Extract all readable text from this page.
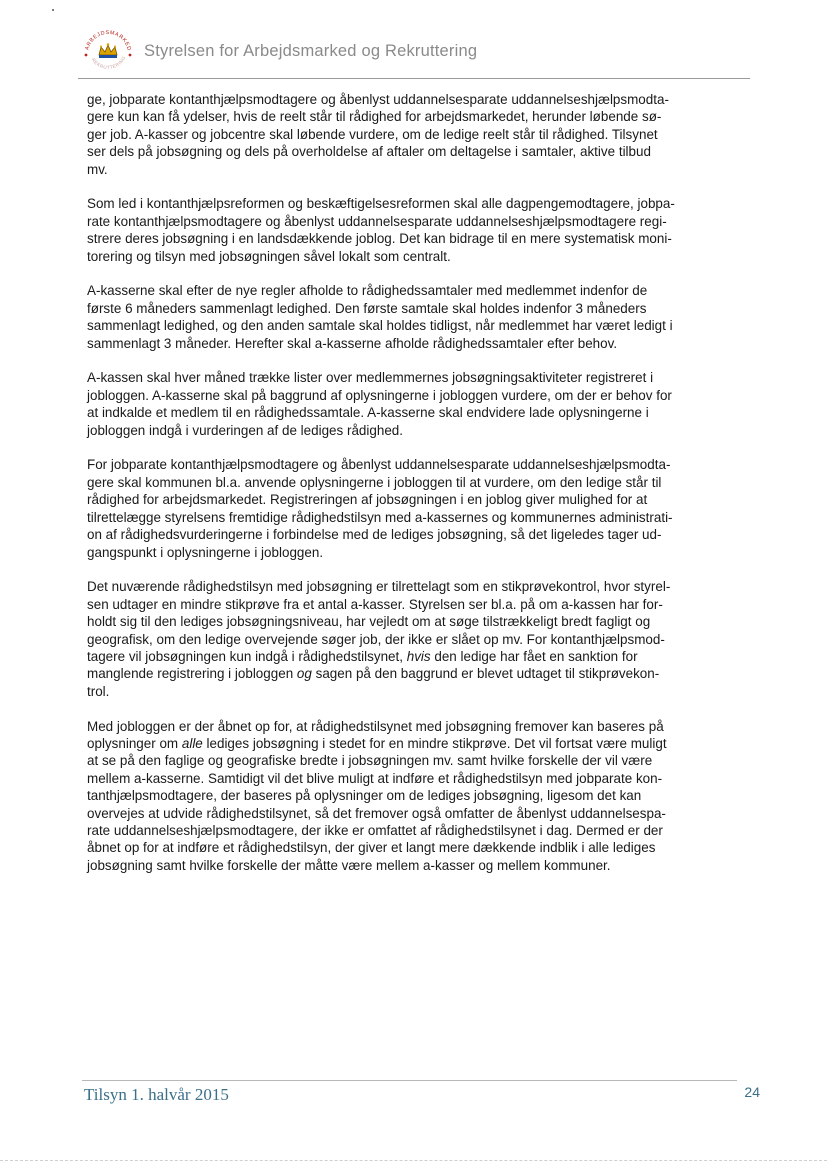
ARBEJDSMARKED
REKRUTTERING Styrelsen for Arbejdsmarked og Rekruttering

ge, jobparate kontanthjælpsmodtagere og åbenlyst uddannelsesparate uddannelseshjælpsmodta-
gere kun kan få ydelser, hvis de reelt står til rådighed for arbejdsmarkedet, herunder løbende sø-
ger job. A-kasser og jobcentre skal løbende vurdere, om de ledige reelt står til rådighed. Tilsynet
ser dels på jobsøgning og dels på overholdelse af aftaler om deltagelse i samtaler, aktive tilbud
mv.

Som led i kontanthjælpsreformen og beskæftigelsesreformen skal alle dagpengemodtagere, jobpa-
rate kontanthjælpsmodtagere og åbenlyst uddannelsesparate uddannelseshjælpsmodtagere regi-
strere deres jobsøgning i en landsdækkende joblog. Det kan bidrage til en mere systematisk moni-
torering og tilsyn med jobsøgningen såvel lokalt som centralt.

A-kasserne skal efter de nye regler afholde to rådighedssamtaler med medlemmet indenfor de
første 6 måneders sammenlagt ledighed. Den første samtale skal holdes indenfor 3 måneders
sammenlagt ledighed, og den anden samtale skal holdes tidligst, når medlemmet har været ledigt i
sammenlagt 3 måneder. Herefter skal a-kasserne afholde rådighedssamtaler efter behov.

A-kassen skal hver måned trække lister over medlemmernes jobsøgningsaktiviteter registreret i
jobloggen. A-kasserne skal på baggrund af oplysningerne i jobloggen vurdere, om der er behov for
at indkalde et medlem til en rådighedssamtale. A-kasserne skal endvidere lade oplysningerne i
jobloggen indgå i vurderingen af de lediges rådighed.

For jobparate kontanthjælpsmodtagere og åbenlyst uddannelsesparate uddannelseshjælpsmodta-
gere skal kommunen bl.a. anvende oplysningerne i jobloggen til at vurdere, om den ledige står til
rådighed for arbejdsmarkedet. Registreringen af jobsøgningen i en joblog giver mulighed for at
tilrettelægge styrelsens fremtidige rådighedstilsyn med a-kassernes og kommunernes administrati-
on af rådighedsvurderingerne i forbindelse med de lediges jobsøgning, så det ligeledes tager ud-
gangspunkt i oplysningerne i jobloggen.

Det nuværende rådighedstilsyn med jobsøgning er tilrettelagt som en stikprøvekontrol, hvor styrel-
sen udtager en mindre stikprøve fra et antal a-kasser. Styrelsen ser bl.a. på om a-kassen har for-
holdt sig til den lediges jobsøgningsniveau, har vejledt om at søge tilstrækkeligt bredt fagligt og
geografisk, om den ledige overvejende søger job, der ikke er slået op mv. For kontanthjælpsmod-
tagere vil jobsøgningen kun indgå i rådighedstilsynet, hvis den ledige har fået en sanktion for
manglende registrering i jobloggen og sagen på den baggrund er blevet udtaget til stikprøvekon-
trol.

Med jobloggen er der åbnet op for, at rådighedstilsynet med jobsøgning fremover kan baseres på
oplysninger om alle lediges jobsøgning i stedet for en mindre stikprøve. Det vil fortsat være muligt
at se på den faglige og geografiske bredte i jobsøgningen mv. samt hvilke forskelle der vil være
mellem a-kasserne. Samtidigt vil det blive muligt at indføre et rådighedstilsyn med jobparate kon-
tanthjælpsmodtagere, der baseres på oplysninger om de lediges jobsøgning, ligesom det kan
overvejes at udvide rådighedstilsynet, så det fremover også omfatter de åbenlyst uddannelsespa-
rate uddannelseshjælpsmodtagere, der ikke er omfattet af rådighedstilsynet i dag. Dermed er der
åbnet op for at indføre et rådighedstilsyn, der giver et langt mere dækkende indblik i alle lediges
jobsøgning samt hvilke forskelle der måtte være mellem a-kasser og mellem kommuner.

Tilsyn 1. halvår 2015	24
